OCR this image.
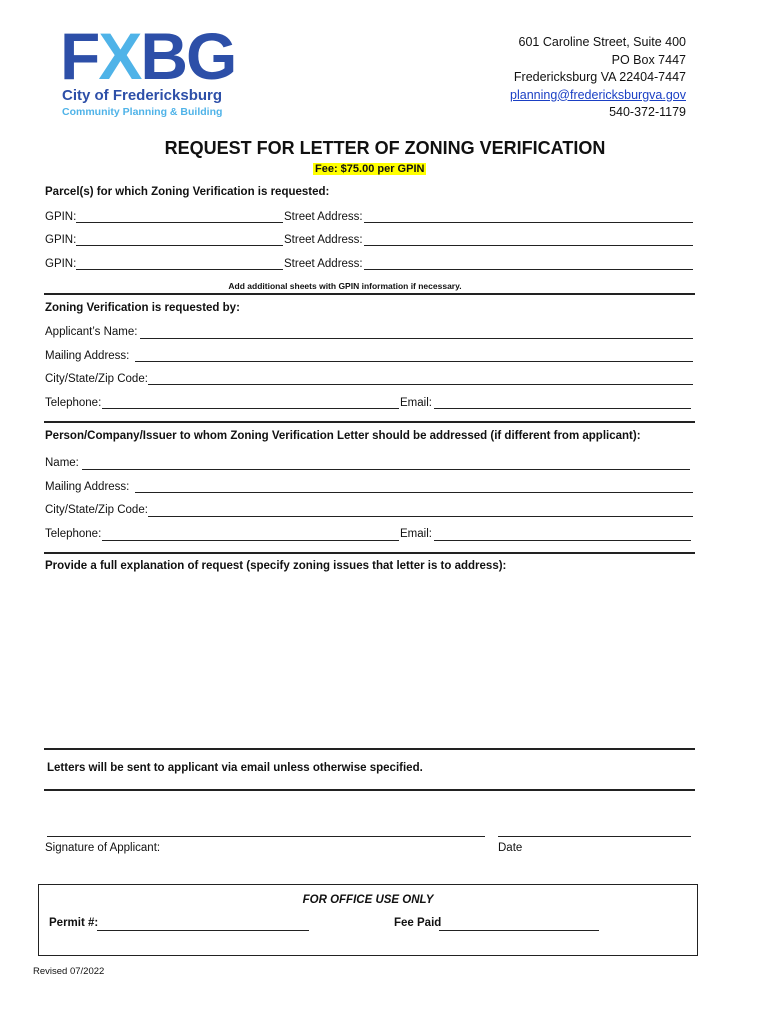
F X B G
City of Fredericksburg
Community Planning & Building
601 Caroline Street, Suite 400
PO Box 7447
Fredericksburg VA 22404-7447
planning@fredericksburgva.gov
540-372-1179
REQUEST FOR LETTER OF ZONING VERIFICATION
Fee: $75.00 per GPIN
Parcel(s) for which Zoning Verification is requested:
GPIN:	Street Address:
GPIN:	Street Address:
GPIN:	Street Address:
Add additional sheets with GPIN information if necessary.
Zoning Verification is requested by:
Applicant’s Name:
Mailing Address:
City/State/Zip Code:
Telephone:	Email:
Person/Company/Issuer to whom Zoning Verification Letter should be addressed (if different from applicant):
Name:
Mailing Address:
City/State/Zip Code:
Telephone:	Email:
Provide a full explanation of request (specify zoning issues that letter is to address):
Letters will be sent to applicant via email unless otherwise specified.
Signature of Applicant:	Date
FOR OFFICE USE ONLY
Permit #:	Fee Paid
Revised 07/2022
